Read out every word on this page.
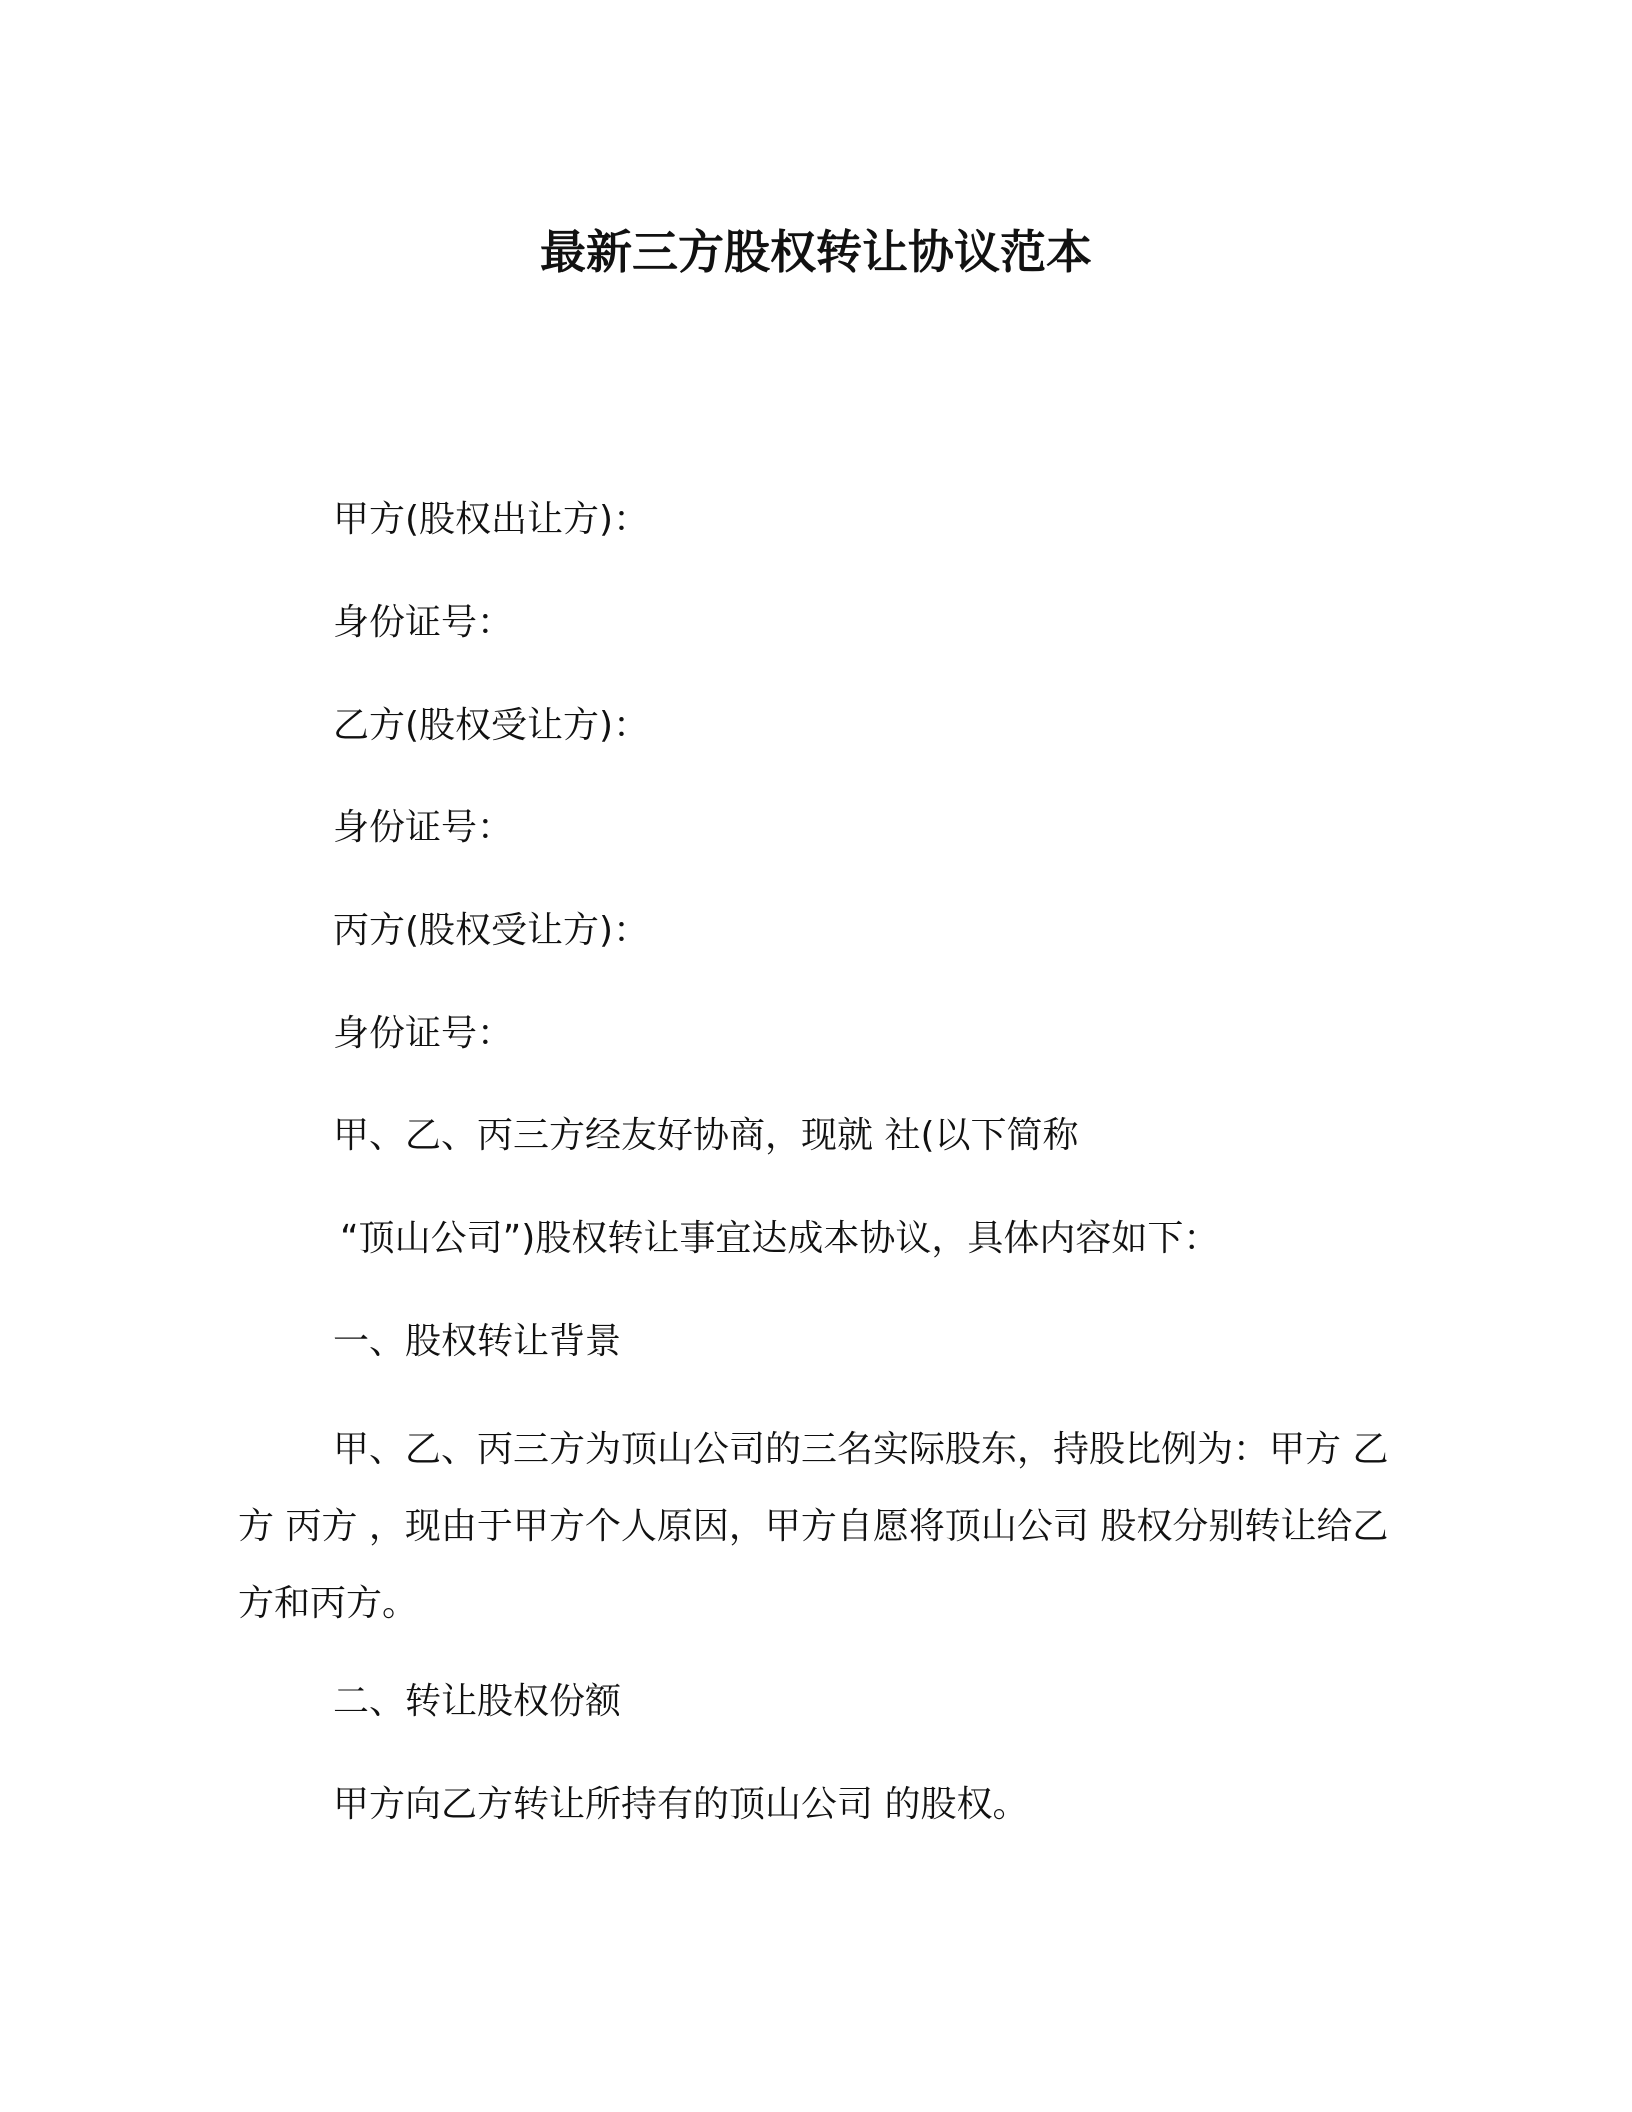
最新三方股权转让协议范本
甲方(股权出让方)：
身份证号：
乙方(股权受让方)：
身份证号：
丙方(股权受让方)：
身份证号：
甲、乙、丙三方经友好协商，现就 社(以下简称
“顶山公司”)股权转让事宜达成本协议，具体内容如下：
一、股权转让背景
甲、乙、丙三方为顶山公司的三名实际股东，持股比例为：甲方 乙方 丙方 ，现由于甲方个人原因，甲方自愿将顶山公司 股权分别转让给乙方和丙方。
二、转让股权份额
甲方向乙方转让所持有的顶山公司 的股权。
